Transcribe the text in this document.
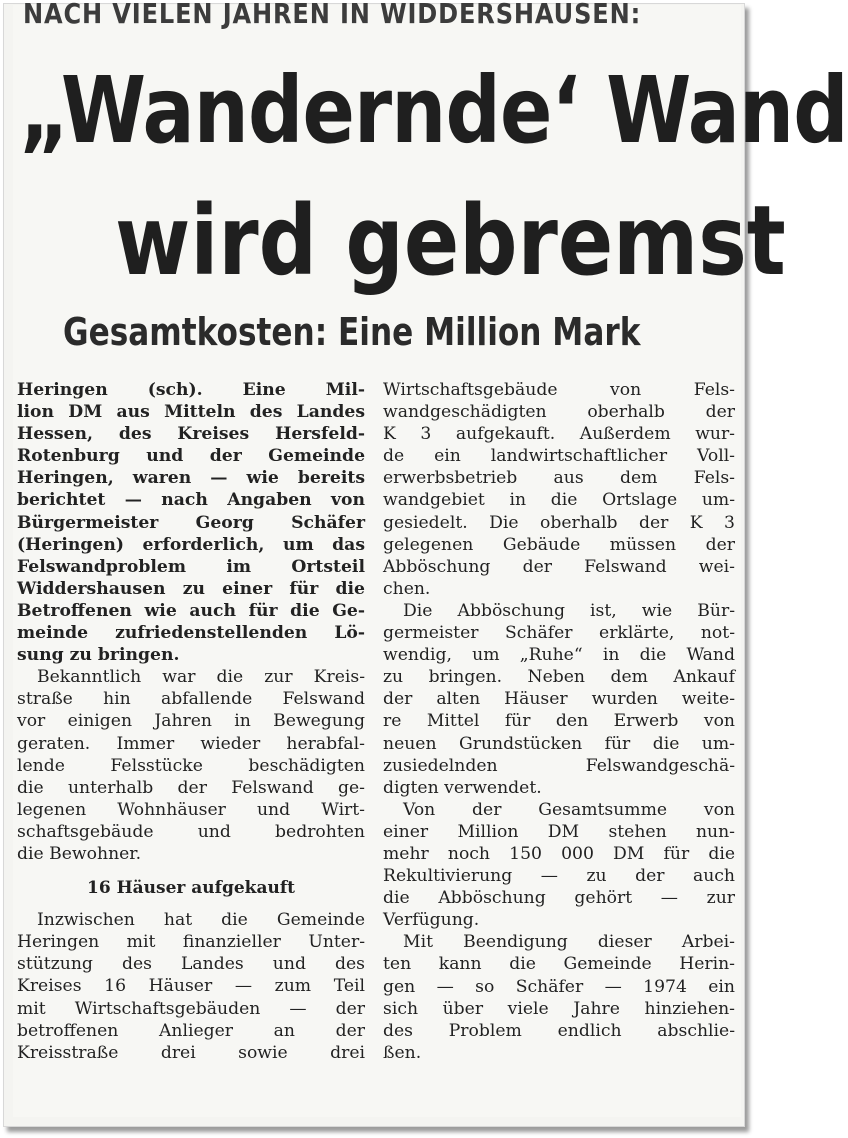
NACH VIELEN JAHREN IN WIDDERSHAUSEN:
„Wandernde‘ Wand
wird gebremst
Gesamtkosten: Eine Million Mark
Heringen (sch). Eine Mil-
lion DM aus Mitteln des Landes
Hessen, des Kreises Hersfeld-
Rotenburg und der Gemeinde
Heringen, waren — wie bereits
berichtet — nach Angaben von
Bürgermeister Georg Schäfer
(Heringen) erforderlich, um das
Felswandproblem im Ortsteil
Widdershausen zu einer für die
Betroffenen wie auch für die Ge-
meinde zufriedenstellenden Lö-
sung zu bringen.
Bekanntlich war die zur Kreis-
straße hin abfallende Felswand
vor einigen Jahren in Bewegung
geraten. Immer wieder herabfal-
lende Felsstücke beschädigten
die unterhalb der Felswand ge-
legenen Wohnhäuser und Wirt-
schaftsgebäude und bedrohten
die Bewohner.
16 Häuser aufgekauft
Inzwischen hat die Gemeinde
Heringen mit finanzieller Unter-
stützung des Landes und des
Kreises 16 Häuser — zum Teil
mit Wirtschaftsgebäuden — der
betroffenen Anlieger an der
Kreisstraße drei sowie drei
Wirtschaftsgebäude von Fels-
wandgeschädigten oberhalb der
K 3 aufgekauft. Außerdem wur-
de ein landwirtschaftlicher Voll-
erwerbsbetrieb aus dem Fels-
wandgebiet in die Ortslage um-
gesiedelt. Die oberhalb der K 3
gelegenen Gebäude müssen der
Abböschung der Felswand wei-
chen.
Die Abböschung ist, wie Bür-
germeister Schäfer erklärte, not-
wendig, um „Ruhe“ in die Wand
zu bringen. Neben dem Ankauf
der alten Häuser wurden weite-
re Mittel für den Erwerb von
neuen Grundstücken für die um-
zusiedelnden Felswandgeschä-
digten verwendet.
Von der Gesamtsumme von
einer Million DM stehen nun-
mehr noch 150 000 DM für die
Rekultivierung — zu der auch
die Abböschung gehört — zur
Verfügung.
Mit Beendigung dieser Arbei-
ten kann die Gemeinde Herin-
gen — so Schäfer — 1974 ein
sich über viele Jahre hinziehen-
des Problem endlich abschlie-
ßen.
